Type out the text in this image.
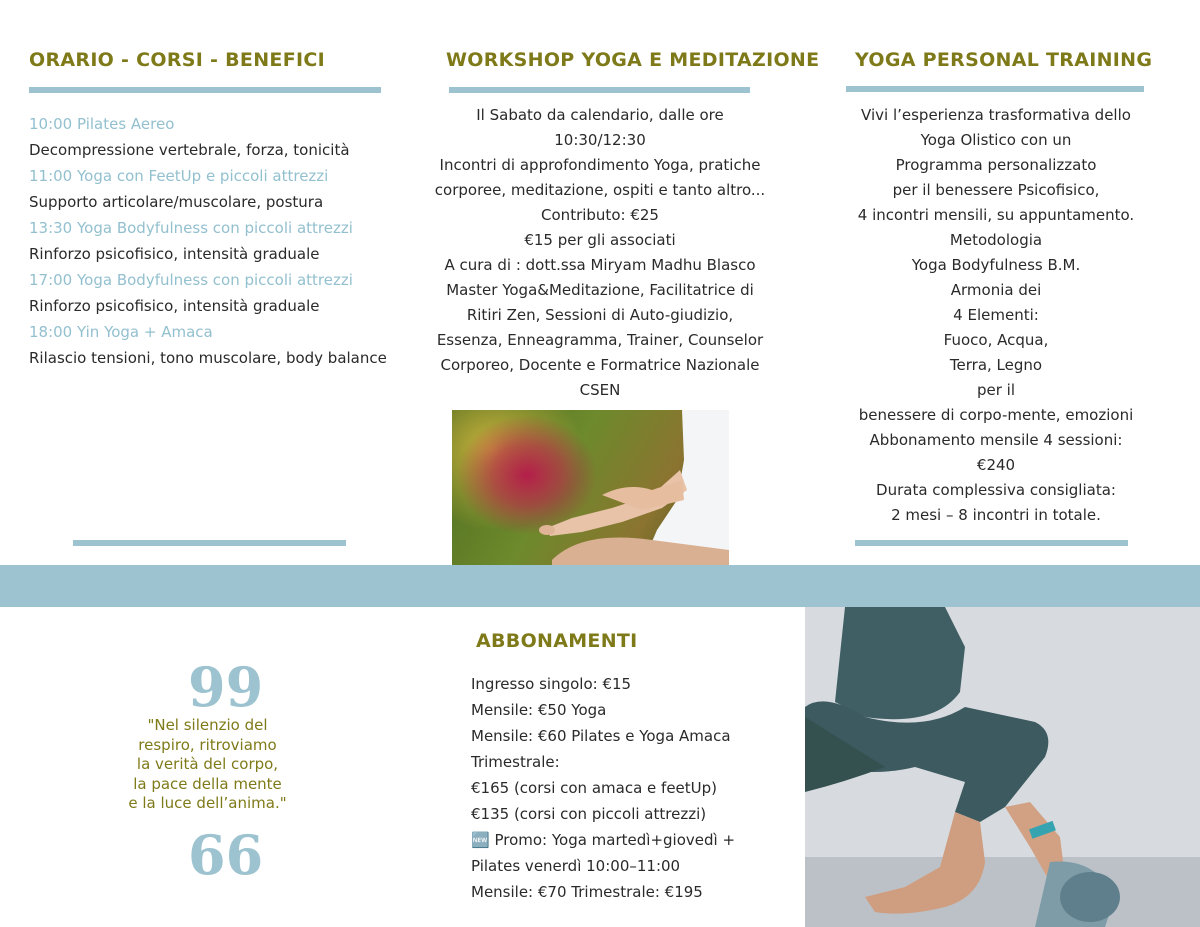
ORARIO - CORSI - BENEFICI
10:00 Pilates Aereo
Decompressione vertebrale, forza, tonicità
11:00 Yoga con FeetUp e piccoli attrezzi
Supporto articolare/muscolare, postura
13:30 Yoga Bodyfulness con piccoli attrezzi
Rinforzo psicofisico, intensità graduale
17:00 Yoga Bodyfulness con piccoli attrezzi
Rinforzo psicofisico, intensità graduale
18:00 Yin Yoga + Amaca
Rilascio tensioni, tono muscolare, body balance
WORKSHOP YOGA E MEDITAZIONE
Il Sabato da calendario, dalle ore
10:30/12:30
Incontri di approfondimento Yoga, pratiche
corporee, meditazione, ospiti e tanto altro...
Contributo: €25
€15 per gli associati
A cura di : dott.ssa Miryam Madhu Blasco
Master Yoga&Meditazione, Facilitatrice di
Ritiri Zen, Sessioni di Auto-giudizio,
Essenza, Enneagramma, Trainer, Counselor
Corporeo, Docente e Formatrice Nazionale
CSEN
YOGA PERSONAL TRAINING
Vivi l’esperienza trasformativa dello
Yoga Olistico con un
Programma personalizzato
per il benessere Psicofisico,
4 incontri mensili, su appuntamento.
Metodologia
Yoga Bodyfulness B.M.
Armonia dei
4 Elementi:
Fuoco, Acqua,
Terra, Legno
per il
benessere di corpo-mente, emozioni
Abbonamento mensile 4 sessioni:
€240
Durata complessiva consigliata:
2 mesi – 8 incontri in totale.
99
"Nel silenzio del
respiro, ritroviamo
la verità del corpo,
la pace della mente
e la luce dell’anima."
66
ABBONAMENTI
Ingresso singolo: €15
Mensile: €50 Yoga
Mensile: €60 Pilates e Yoga Amaca
Trimestrale:
€165 (corsi con amaca e feetUp)
€135 (corsi con piccoli attrezzi)
🆕 Promo: Yoga martedì+giovedì +
Pilates venerdì 10:00–11:00
Mensile: €70 Trimestrale: €195
